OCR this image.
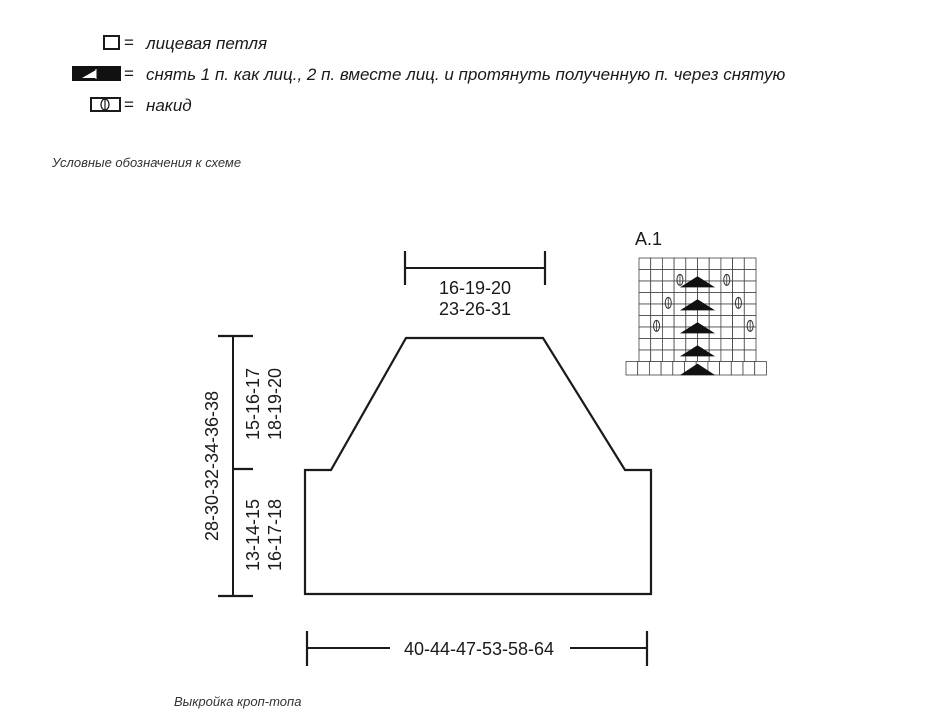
= лицевая петля
= снять 1 п. как лиц., 2 п. вместе лиц. и протянуть полученную п. через снятую
= накид
Условные обозначения к схеме
16-19-20
23-26-31
40-44-47-53-58-64
28-30-32-34-36-38 15-16-17 18-19-20
13-14-15 16-17-18
A.1
Выкройка кроп-топа
